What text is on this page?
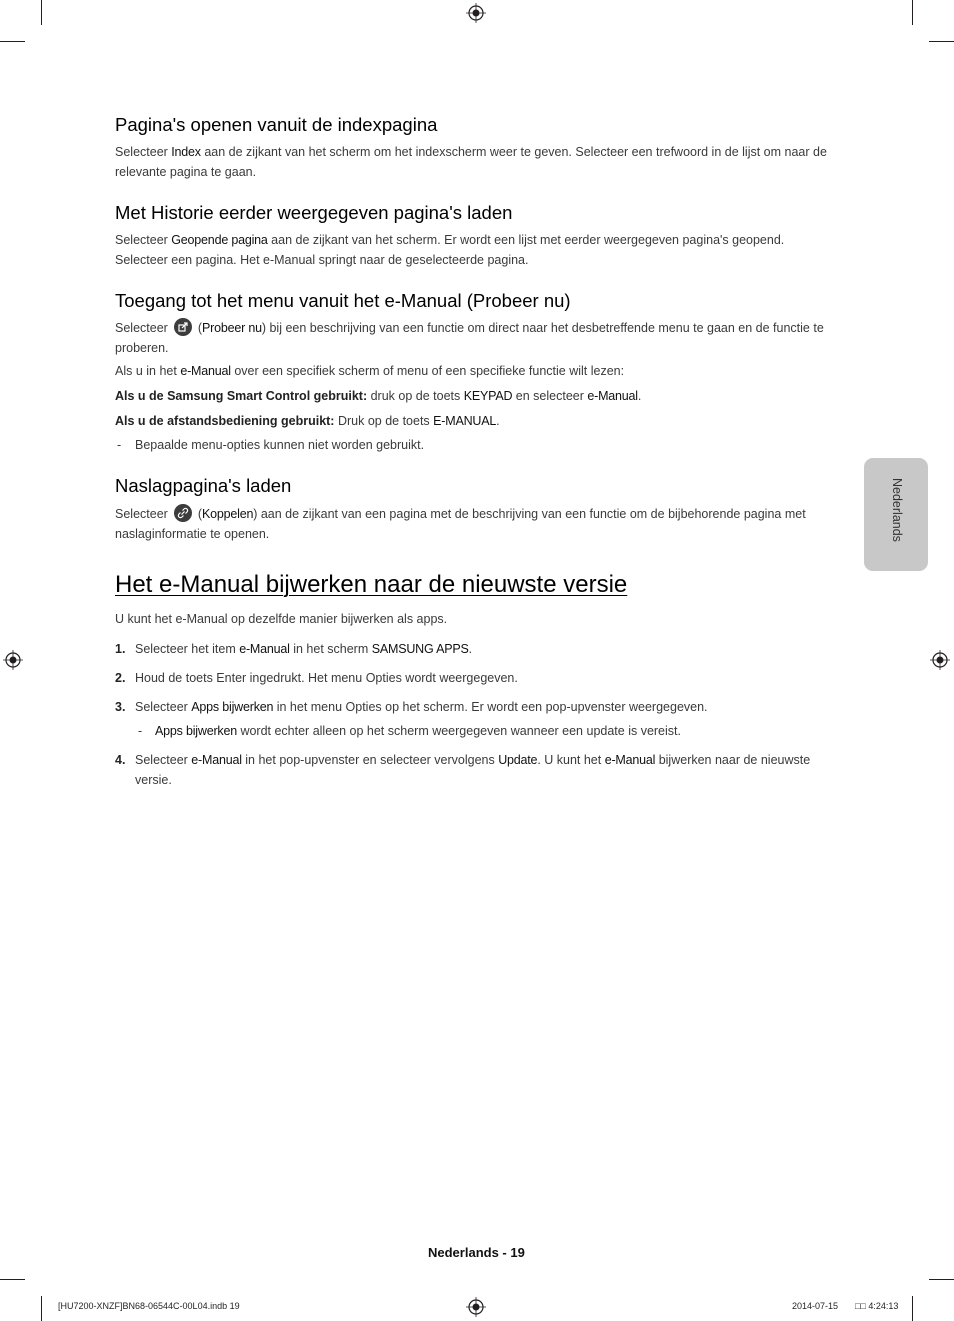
Pagina's openen vanuit de indexpagina
Selecteer Index aan de zijkant van het scherm om het indexscherm weer te geven. Selecteer een trefwoord in de lijst om naar de relevante pagina te gaan.
Met Historie eerder weergegeven pagina's laden
Selecteer Geopende pagina aan de zijkant van het scherm. Er wordt een lijst met eerder weergegeven pagina's geopend. Selecteer een pagina. Het e-Manual springt naar de geselecteerde pagina.
Toegang tot het menu vanuit het e-Manual (Probeer nu)
Selecteer (Probeer nu) bij een beschrijving van een functie om direct naar het desbetreffende menu te gaan en de functie te proberen.
Als u in het e-Manual over een specifiek scherm of menu of een specifieke functie wilt lezen:
Als u de Samsung Smart Control gebruikt: druk op de toets KEYPAD en selecteer e-Manual.
Als u de afstandsbediening gebruikt: Druk op de toets E-MANUAL.
-	Bepaalde menu-opties kunnen niet worden gebruikt.
Naslagpagina's laden
Selecteer (Koppelen) aan de zijkant van een pagina met de beschrijving van een functie om de bijbehorende pagina met naslaginformatie te openen.
Het e-Manual bijwerken naar de nieuwste versie
U kunt het e-Manual op dezelfde manier bijwerken als apps.
1. Selecteer het item e-Manual in het scherm SAMSUNG APPS.
2. Houd de toets Enter ingedrukt. Het menu Opties wordt weergegeven.
3. Selecteer Apps bijwerken in het menu Opties op het scherm. Er wordt een pop-upvenster weergegeven.
-	Apps bijwerken wordt echter alleen op het scherm weergegeven wanneer een update is vereist.
4. Selecteer e-Manual in het pop-upvenster en selecteer vervolgens Update. U kunt het e-Manual bijwerken naar de nieuwste versie.
Nederlands
Nederlands - 19
[HU7200-XNZF]BN68-06544C-00L04.indb 19	2014-07-15 □□ 4:24:13
